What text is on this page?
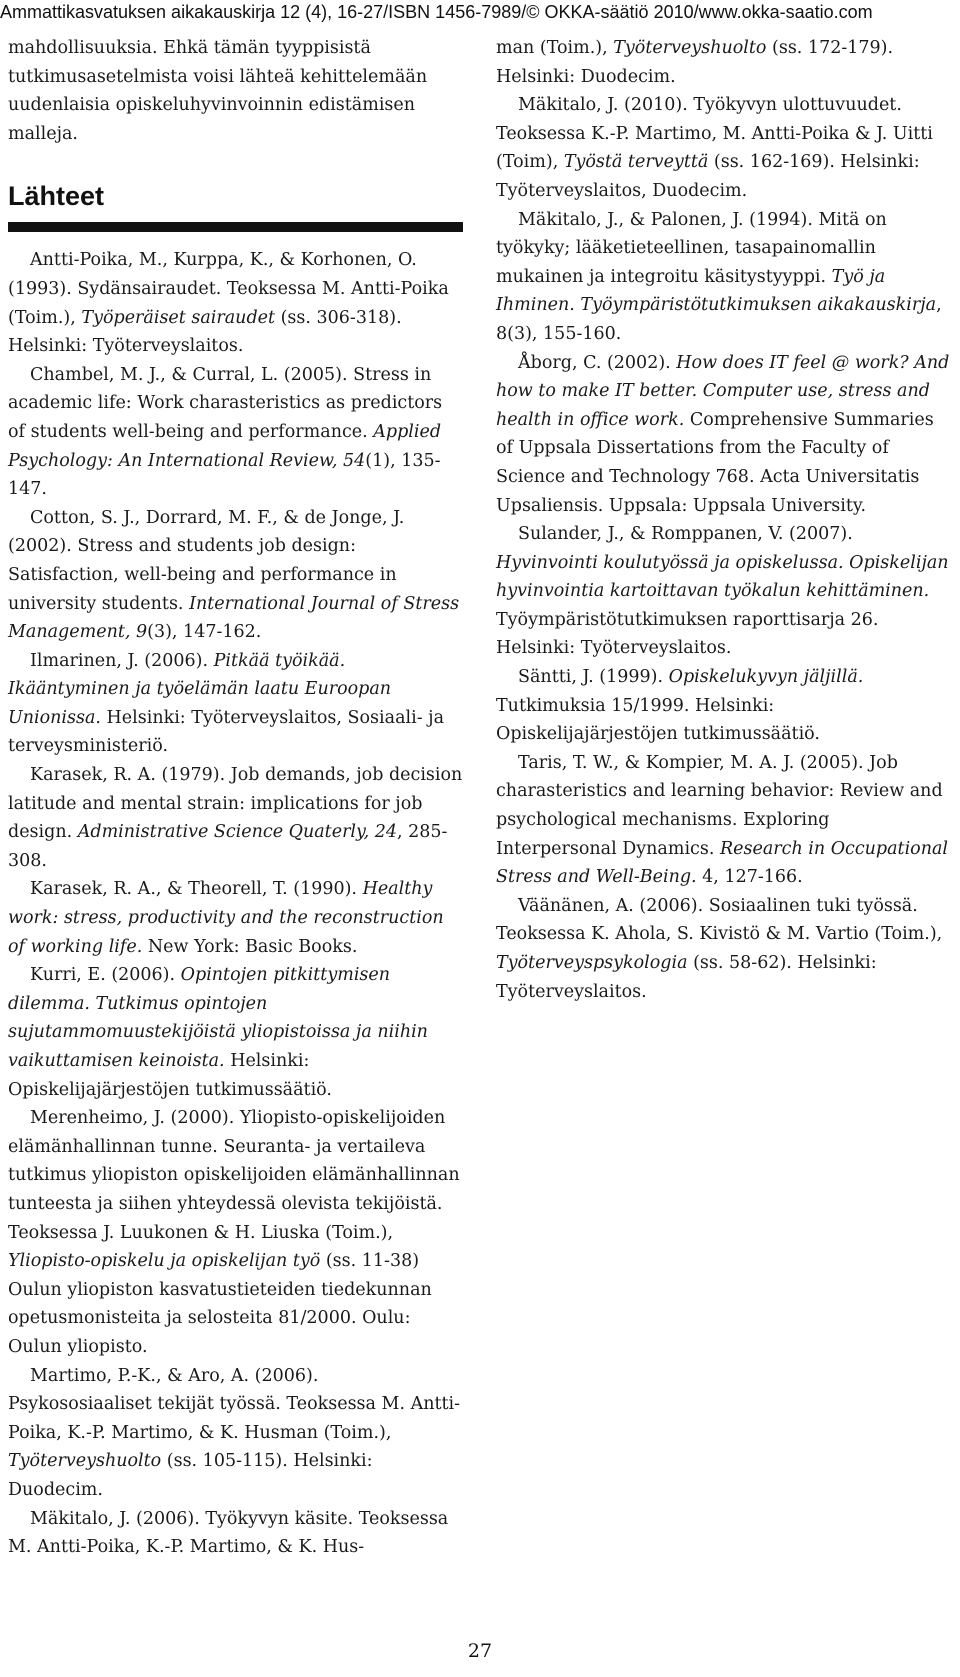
Ammattikasvatuksen aikakauskirja 12 (4), 16-27/ISBN 1456-7989/© OKKA-säätiö 2010/www.okka-saatio.com

mahdollisuuksia. Ehkä tämän tyyppisistä tutkimusasetelmista voisi lähteä kehittelemään uudenlaisia opiskeluhyvinvoinnin edistämisen malleja.

Lähteet

Antti-Poika, M., Kurppa, K., & Korhonen, O. (1993). Sydänsairaudet. Teoksessa M. Antti-Poika (Toim.), Työperäiset sairaudet (ss. 306-318). Helsinki: Työterveyslaitos.

Chambel, M. J., & Curral, L. (2005). Stress in academic life: Work charasteristics as predictors of students well-being and performance. Applied Psychology: An International Review, 54(1), 135-147.

Cotton, S. J., Dorrard, M. F., & de Jonge, J. (2002). Stress and students job design: Satisfaction, well-being and performance in university students. International Journal of Stress Management, 9(3), 147-162.

Ilmarinen, J. (2006). Pitkää työikää. Ikääntyminen ja työelämän laatu Euroopan Unionissa. Helsinki: Työterveyslaitos, Sosiaali- ja terveysministeriö.

Karasek, R. A. (1979). Job demands, job decision latitude and mental strain: implications for job design. Administrative Science Quaterly, 24, 285-308.

Karasek, R. A., & Theorell, T. (1990). Healthy work: stress, productivity and the reconstruction of working life. New York: Basic Books.

Kurri, E. (2006). Opintojen pitkittymisen dilemma. Tutkimus opintojen sujutammomuustekijöistä yliopistoissa ja niihin vaikuttamisen keinoista. Helsinki: Opiskelijajärjestöjen tutkimussäätiö.

Merenheimo, J. (2000). Yliopisto-opiskelijoiden elämänhallinnan tunne. Seuranta- ja vertaileva tutkimus yliopiston opiskelijoiden elämänhallinnan tunteesta ja siihen yhteydessä olevista tekijöistä. Teoksessa J. Luukonen & H. Liuska (Toim.), Yliopisto-opiskelu ja opiskelijan työ (ss. 11-38) Oulun yliopiston kasvatustieteiden tiedekunnan opetusmonisteita ja selosteita 81/2000. Oulu: Oulun yliopisto.

Martimo, P.-K., & Aro, A. (2006). Psykososiaaliset tekijät työssä. Teoksessa M. Antti-Poika, K.-P. Martimo, & K. Husman (Toim.), Työterveyshuolto (ss. 105-115). Helsinki: Duodecim.

Mäkitalo, J. (2006). Työkyvyn käsite. Teoksessa M. Antti-Poika, K.-P. Martimo, & K. Hus-

man (Toim.), Työterveyshuolto (ss. 172-179). Helsinki: Duodecim.

Mäkitalo, J. (2010). Työkyvyn ulottuvuudet. Teoksessa K.-P. Martimo, M. Antti-Poika & J. Uitti (Toim), Työstä terveyttä (ss. 162-169). Helsinki: Työterveyslaitos, Duodecim.

Mäkitalo, J., & Palonen, J. (1994). Mitä on työkyky; lääketieteellinen, tasapainomallin mukainen ja integroitu käsitystyyppi. Työ ja Ihminen. Työympäristötutkimuksen aikakauskirja, 8(3), 155-160.

Åborg, C. (2002). How does IT feel @ work? And how to make IT better. Computer use, stress and health in office work. Comprehensive Summaries of Uppsala Dissertations from the Faculty of Science and Technology 768. Acta Universitatis Upsaliensis. Uppsala: Uppsala University.

Sulander, J., & Romppanen, V. (2007). Hyvinvointi koulutyössä ja opiskelussa. Opiskelijan hyvinvointia kartoittavan työkalun kehittäminen. Työympäristötutkimuksen raporttisarja 26. Helsinki: Työterveyslaitos.

Säntti, J. (1999). Opiskelukyvyn jäljillä. Tutkimuksia 15/1999. Helsinki: Opiskelijajärjestöjen tutkimussäätiö.

Taris, T. W., & Kompier, M. A. J. (2005). Job charasteristics and learning behavior: Review and psychological mechanisms. Exploring Interpersonal Dynamics. Research in Occupational Stress and Well-Being. 4, 127-166.

Väänänen, A. (2006). Sosiaalinen tuki työssä. Teoksessa K. Ahola, S. Kivistö & M. Vartio (Toim.), Työterveyspsykologia (ss. 58-62). Helsinki: Työterveyslaitos.

27
